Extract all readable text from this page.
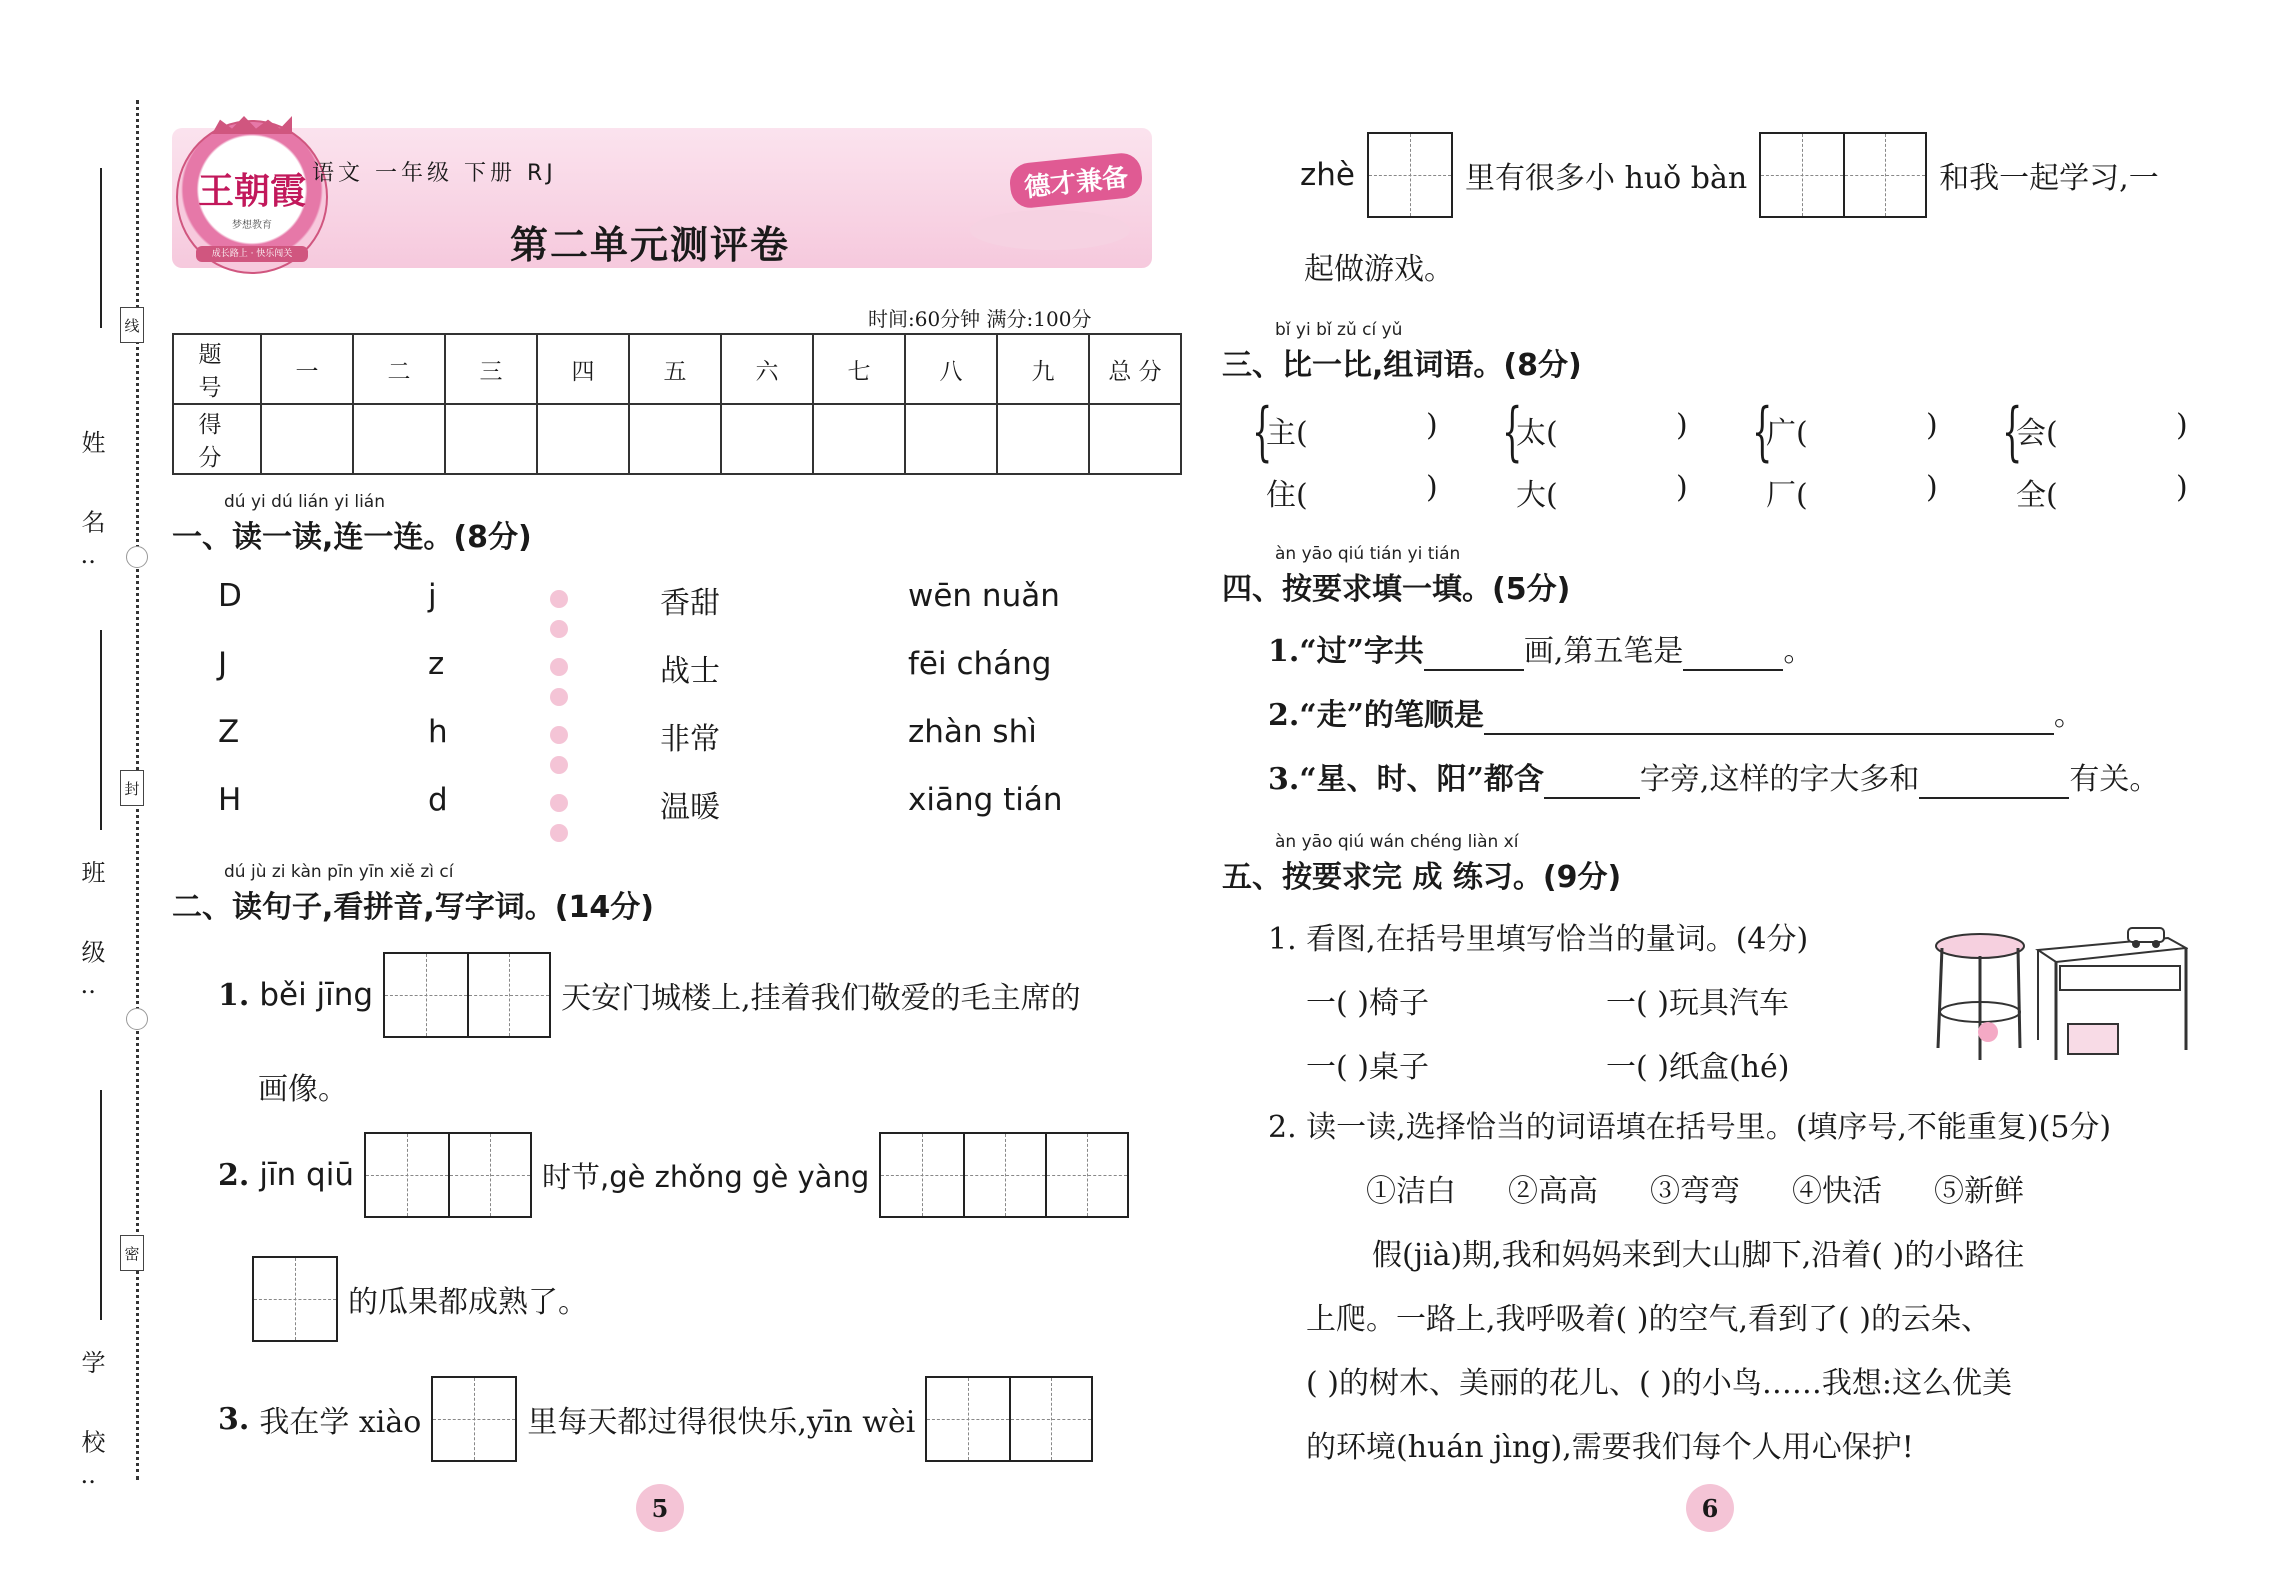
姓 名:
班 级:
学 校:
线
封
密
王朝霞
梦想教育
成长路上 · 快乐闯关
语文 一年级 下册 RJ
第二单元测评卷
德才兼备
时间:60分钟 满分:100分
题 号	一	二	三	四	五	六	七	八	九	总 分
得 分										
dú yi dú lián yi lián
一、读一读,连一连。(8分)
D	j	香甜	wēn nuǎn
J	z	战士	fēi cháng
Z	h	非常	zhàn shì
H	d	温暖	xiāng tián
dú jù zi kàn pīn yīn xiě zì cí
二、读句子,看拼音,写字词。(14分)
1. běi jīng	天安门城楼上,挂着我们敬爱的毛主席的
画像。
2. jīn qiū	时节,gè zhǒng gè yàng
的瓜果都成熟了。
3. 我在学 xiào	里每天都过得很快乐,yīn wèi
zhè	里有很多小 huǒ bàn	和我一起学习,一
起做游戏。
bǐ yi bǐ zǔ cí yǔ
三、比一比,组词语。(8分)
{
主(	)
住(	)
{
太(	)
大(	)
{
广(	)
厂(	)
{
会(	)
全(	)
àn yāo qiú tián yi tián
四、按要求填一填。(5分)
1.“过”字共	画,第五笔是	。
2.“走”的笔顺是	。
3.“星、时、阳”都含	字旁,这样的字大多和	有关。
àn yāo qiú wán chéng liàn xí
五、按要求完 成 练习。(9分)
1. 看图,在括号里填写恰当的量词。(4分)
一( )椅子	一( )玩具汽车
一( )桌子	一( )纸盒(hé)
2. 读一读,选择恰当的词语填在括号里。(填序号,不能重复)(5分)
①洁白 ②高高 ③弯弯 ④快活 ⑤新鲜
假(jià)期,我和妈妈来到大山脚下,沿着( )的小路往
上爬。一路上,我呼吸着( )的空气,看到了( )的云朵、
( )的树木、美丽的花儿、( )的小鸟……我想:这么优美
的环境(huán jìng),需要我们每个人用心保护!
5	6
